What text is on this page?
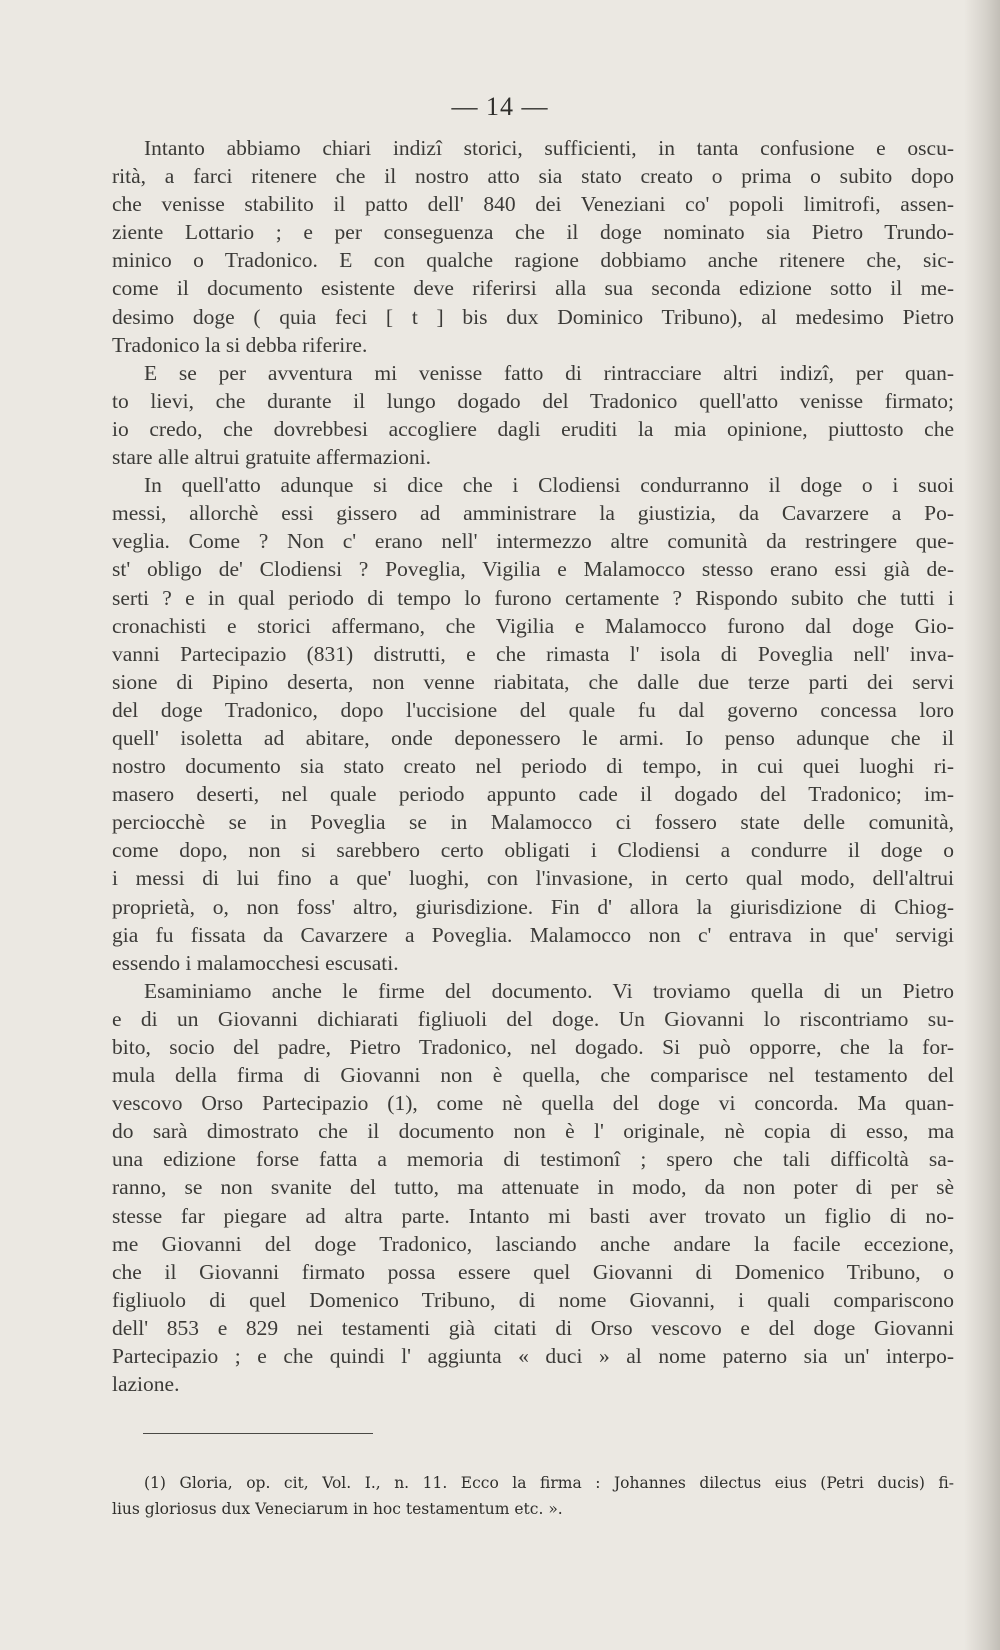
— 14 —
Intanto abbiamo chiari indizî storici, sufficienti, in tanta confusione e oscu-
rità, a farci ritenere che il nostro atto sia stato creato o prima o subito dopo
che venisse stabilito il patto dell' 840 dei Veneziani co' popoli limitrofi, assen-
ziente Lottario ; e per conseguenza che il doge nominato sia Pietro Trundo-
minico o Tradonico. E con qualche ragione dobbiamo anche ritenere che, sic-
come il documento esistente deve riferirsi alla sua seconda edizione sotto il me-
desimo doge ( quia feci [ t ] bis dux Dominico Tribuno), al medesimo Pietro
Tradonico la si debba riferire.
E se per avventura mi venisse fatto di rintracciare altri indizî, per quan-
to lievi, che durante il lungo dogado del Tradonico quell'atto venisse firmato;
io credo, che dovrebbesi accogliere dagli eruditi la mia opinione, piuttosto che
stare alle altrui gratuite affermazioni.
In quell'atto adunque si dice che i Clodiensi condurranno il doge o i suoi
messi, allorchè essi gissero ad amministrare la giustizia, da Cavarzere a Po-
veglia. Come ? Non c' erano nell' intermezzo altre comunità da restringere que-
st' obligo de' Clodiensi ? Poveglia, Vigilia e Malamocco stesso erano essi già de-
serti ? e in qual periodo di tempo lo furono certamente ? Rispondo subito che tutti i
cronachisti e storici affermano, che Vigilia e Malamocco furono dal doge Gio-
vanni Partecipazio (831) distrutti, e che rimasta l' isola di Poveglia nell' inva-
sione di Pipino deserta, non venne riabitata, che dalle due terze parti dei servi
del doge Tradonico, dopo l'uccisione del quale fu dal governo concessa loro
quell' isoletta ad abitare, onde deponessero le armi. Io penso adunque che il
nostro documento sia stato creato nel periodo di tempo, in cui quei luoghi ri-
masero deserti, nel quale periodo appunto cade il dogado del Tradonico; im-
perciocchè se in Poveglia se in Malamocco ci fossero state delle comunità,
come dopo, non si sarebbero certo obligati i Clodiensi a condurre il doge o
i messi di lui fino a que' luoghi, con l'invasione, in certo qual modo, dell'altrui
proprietà, o, non foss' altro, giurisdizione. Fin d' allora la giurisdizione di Chiog-
gia fu fissata da Cavarzere a Poveglia. Malamocco non c' entrava in que' servigi
essendo i malamocchesi escusati.
Esaminiamo anche le firme del documento. Vi troviamo quella di un Pietro
e di un Giovanni dichiarati figliuoli del doge. Un Giovanni lo riscontriamo su-
bito, socio del padre, Pietro Tradonico, nel dogado. Si può opporre, che la for-
mula della firma di Giovanni non è quella, che comparisce nel testamento del
vescovo Orso Partecipazio (1), come nè quella del doge vi concorda. Ma quan-
do sarà dimostrato che il documento non è l' originale, nè copia di esso, ma
una edizione forse fatta a memoria di testimonî ; spero che tali difficoltà sa-
ranno, se non svanite del tutto, ma attenuate in modo, da non poter di per sè
stesse far piegare ad altra parte. Intanto mi basti aver trovato un figlio di no-
me Giovanni del doge Tradonico, lasciando anche andare la facile eccezione,
che il Giovanni firmato possa essere quel Giovanni di Domenico Tribuno, o
figliuolo di quel Domenico Tribuno, di nome Giovanni, i quali compariscono
dell' 853 e 829 nei testamenti già citati di Orso vescovo e del doge Giovanni
Partecipazio ; e che quindi l' aggiunta « duci » al nome paterno sia un' interpo-
lazione.
(1) Gloria, op. cit, Vol. I., n. 11. Ecco la firma : Johannes dilectus eius (Petri ducis) fi-
lius gloriosus dux Veneciarum in hoc testamentum etc. ».
